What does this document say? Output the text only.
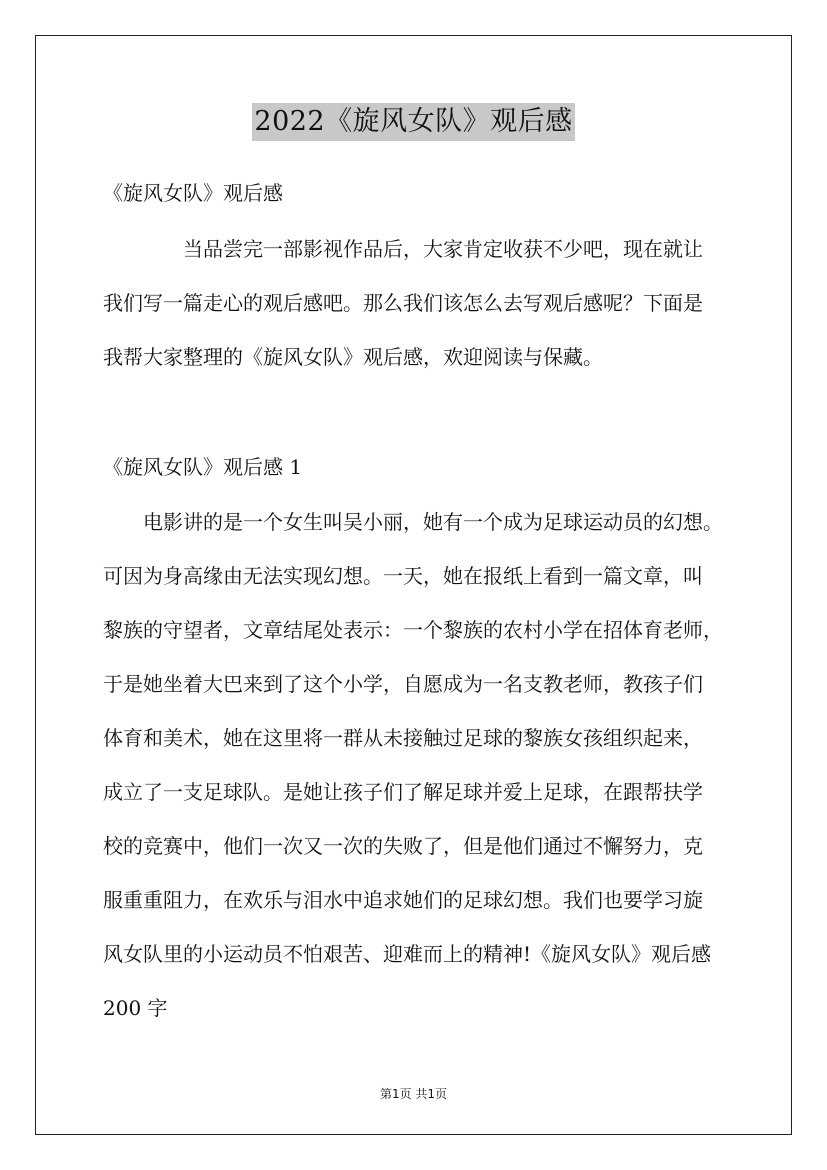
2022《旋风女队》观后感
《旋风女队》观后感
当品尝完一部影视作品后，大家肯定收获不少吧，现在就让
我们写一篇走心的观后感吧。那么我们该怎么去写观后感呢？下面是
我帮大家整理的《旋风女队》观后感，欢迎阅读与保藏。
《旋风女队》观后感 1
电影讲的是一个女生叫吴小丽，她有一个成为足球运动员的幻想。
可因为身高缘由无法实现幻想。一天，她在报纸上看到一篇文章，叫
黎族的守望者，文章结尾处表示：一个黎族的农村小学在招体育老师，
于是她坐着大巴来到了这个小学，自愿成为一名支教老师，教孩子们
体育和美术，她在这里将一群从未接触过足球的黎族女孩组织起来，
成立了一支足球队。是她让孩子们了解足球并爱上足球，在跟帮扶学
校的竞赛中，他们一次又一次的失败了，但是他们通过不懈努力，克
服重重阻力，在欢乐与泪水中追求她们的足球幻想。我们也要学习旋
风女队里的小运动员不怕艰苦、迎难而上的精神!《旋风女队》观后感
200 字
第1页 共1页
